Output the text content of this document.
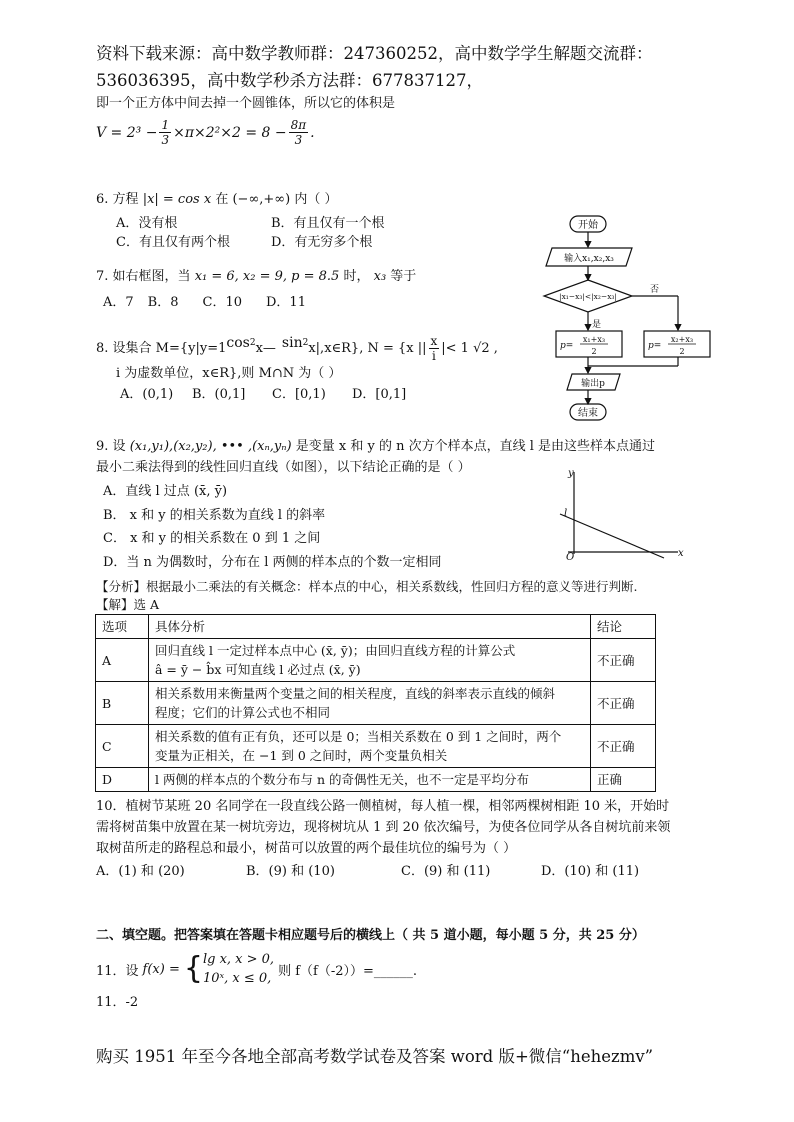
资料下载来源：高中数学教师群：247360252，高中数学学生解题交流群：
536036395，高中数学秒杀方法群：677837127，
即一个正方体中间去掉一个圆锥体，所以它的体积是
$V = 2^3 - \frac{1}{3} \times\pi\times 2^2\times 2 = 8 - \frac{8\pi}{3}$ .
6. 方程 |x| = cos x 在 (−∞,+∞) 内（ ）
A．没有根	B．有且仅有一个根
C．有且仅有两个根	D．有无穷多个根
7. 如右框图，当 x₁ = 6, x₂ = 9, p = 8.5 时， x₃ 等于
A．7 B．8 C．10 D．11
8. 设集合 M={y|y=1 $\cos^2$ x— $\sin^2$ x|,x∈R}, N = {x || $\frac{x}{i}$ |< 1 √2 ,
i 为虚数单位，x∈R},则 M∩N 为（ ）
A．(0,1)	B．(0,1]	C．[0,1)	D．[0,1]
开始
输入x₁,x₂,x₃
|x₁−x₃|<|x₂−x₃|
否
是
p=
x₁+x₃
2
p=
x₂+x₃
2
输出p
结束
9. 设 (x₁,y₁),(x₂,y₂), ••• ,(xₙ,yₙ) 是变量 x 和 y 的 n 次方个样本点，直线 l 是由这些样本点通过
最小二乘法得到的线性回归直线（如图），以下结论正确的是（ ）
A．直线 l 过点 (x̄, ȳ)
B． x 和 y 的相关系数为直线 l 的斜率
C． x 和 y 的相关系数在 0 到 1 之间
D．当 n 为偶数时，分布在 l 两侧的样本点的个数一定相同
y
l
O	x
【分析】根据最小二乘法的有关概念：样本点的中心，相关系数线，性回归方程的意义等进行判断.
【解】选 A
选项	具体分析	结论
A	回归直线 l 一定过样本点中心 (x̄, ȳ)；由回归直线方程的计算公式
â = ȳ − b̂x 可知直线 l 必过点 (x̄, ȳ)	不正确
B	相关系数用来衡量两个变量之间的相关程度，直线的斜率表示直线的倾斜
程度；它们的计算公式也不相同	不正确
C	相关系数的值有正有负，还可以是 0；当相关系数在 0 到 1 之间时，两个
变量为正相关，在 −1 到 0 之间时，两个变量负相关	不正确
D	l 两侧的样本点的个数分布与 n 的奇偶性无关，也不一定是平均分布	正确
10．植树节某班 20 名同学在一段直线公路一侧植树，每人植一棵，相邻两棵树相距 10 米，开始时
需将树苗集中放置在某一树坑旁边，现将树坑从 1 到 20 依次编号，为使各位同学从各自树坑前来领
取树苗所走的路程总和最小，树苗可以放置的两个最佳坑位的编号为（ ）
A．(1) 和 (20)	B．(9) 和 (10)	C．(9) 和 (11)	D．(10) 和 (11)
二、填空题。把答案填在答题卡相应题号后的横线上（ 共 5 道小题，每小题 5 分，共 25 分）
11．设 f(x) = { lg x, x > 0,
10ˣ, x ≤ 0, 则 f（f（-2））=______.
11．-2
购买 1951 年至今各地全部高考数学试卷及答案 word 版+微信“hehezmv”
